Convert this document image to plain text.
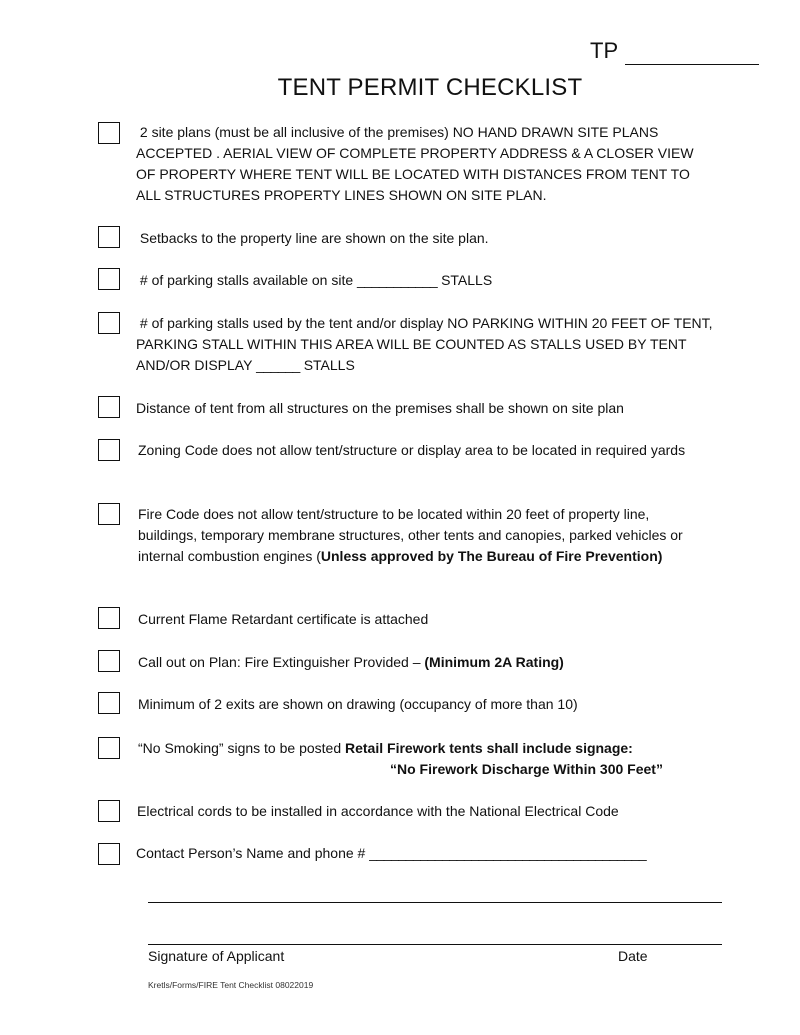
TP
TENT PERMIT CHECKLIST
2 site plans (must be all inclusive of the premises) NO HAND DRAWN SITE PLANS ACCEPTED . AERIAL VIEW OF COMPLETE PROPERTY ADDRESS & A CLOSER VIEW OF PROPERTY WHERE TENT WILL BE LOCATED WITH DISTANCES FROM TENT TO ALL STRUCTURES PROPERTY LINES SHOWN ON SITE PLAN.
Setbacks to the property line are shown on the site plan.
# of parking stalls available on site ___________ STALLS
# of parking stalls used by the tent and/or display NO PARKING WITHIN 20 FEET OF TENT, PARKING STALL WITHIN THIS AREA WILL BE COUNTED AS STALLS USED BY TENT AND/OR DISPLAY ______ STALLS
Distance of tent from all structures on the premises shall be shown on site plan
Zoning Code does not allow tent/structure or display area to be located in required yards
Fire Code does not allow tent/structure to be located within 20 feet of property line, buildings, temporary membrane structures, other tents and canopies, parked vehicles or internal combustion engines (Unless approved by The Bureau of Fire Prevention)
Current Flame Retardant certificate is attached
Call out on Plan: Fire Extinguisher Provided – (Minimum 2A Rating)
Minimum of 2 exits are shown on drawing (occupancy of more than 10)
“No Smoking” signs to be posted Retail Firework tents shall include signage:
“No Firework Discharge Within 300 Feet”
Electrical cords to be installed in accordance with the National Electrical Code
Contact Person’s Name and phone # ______________________________________
Signature of Applicant	Date
Kretls/Forms/FIRE Tent Checklist 08022019
